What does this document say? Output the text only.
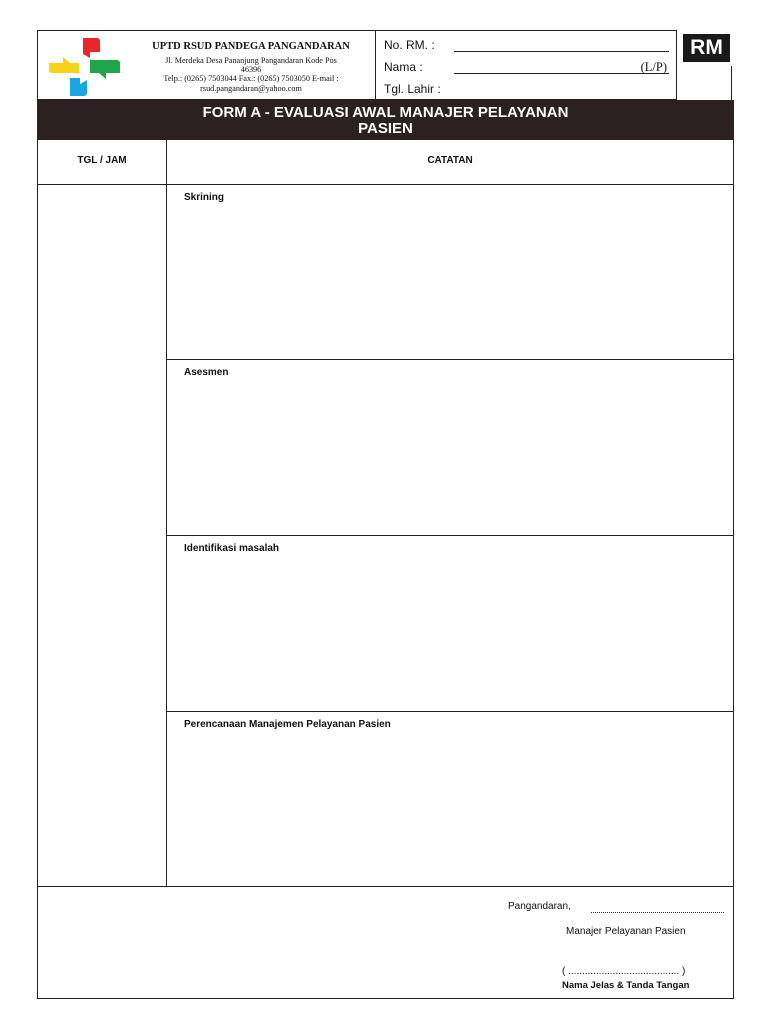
UPTD RSUD PANDEGA PANGANDARAN
Jl. Merdeka Desa Pananjung Pangandaran Kode Pos
46396
Telp.: (0265) 7503044 Fax.: (0265) 7503050 E-mail :
rsud.pangandaran@yahoo.com
No. RM. :
Nama :	(L/P)
Tgl. Lahir :
RM
FORM A - EVALUASI AWAL MANAJER PELAYANAN
PASIEN
TGL / JAM	CATATAN
Skrining
Asesmen
Identifikasi masalah
Perencanaan Manajemen Pelayanan Pasien
Pangandaran,
Manajer Pelayanan Pasien
( ........................................ )
Nama Jelas & Tanda Tangan
